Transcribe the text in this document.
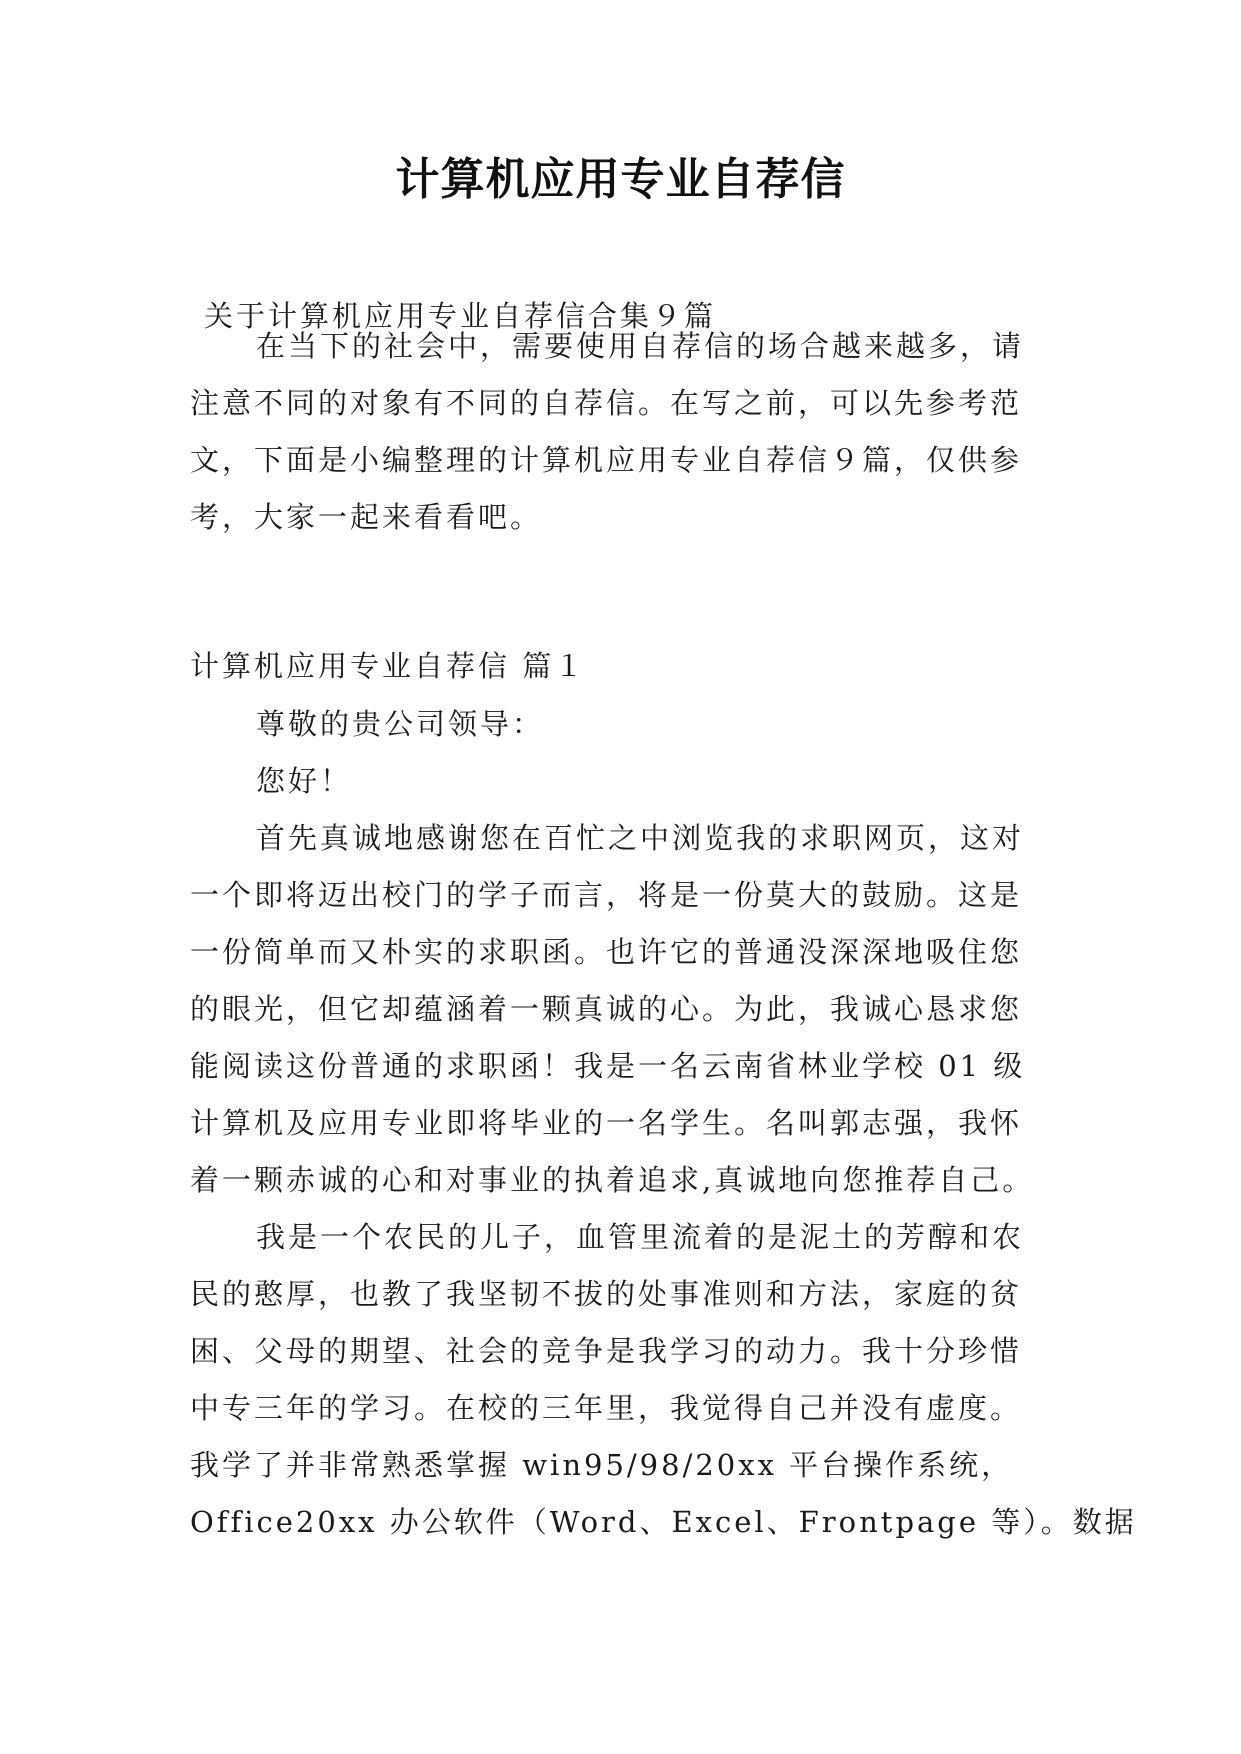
计算机应用专业自荐信
关于计算机应用专业自荐信合集９篇
在当下的社会中，需要使用自荐信的场合越来越多，请
注意不同的对象有不同的自荐信。在写之前，可以先参考范
文，下面是小编整理的计算机应用专业自荐信９篇，仅供参
考，大家一起来看看吧。
计算机应用专业自荐信 篇１
尊敬的贵公司领导：
您好！
首先真诚地感谢您在百忙之中浏览我的求职网页，这对
一个即将迈出校门的学子而言，将是一份莫大的鼓励。这是
一份简单而又朴实的求职函。也许它的普通没深深地吸住您
的眼光，但它却蕴涵着一颗真诚的心。为此，我诚心恳求您
能阅读这份普通的求职函！我是一名云南省林业学校 01 级
计算机及应用专业即将毕业的一名学生。名叫郭志强，我怀
着一颗赤诚的心和对事业的执着追求,真诚地向您推荐自己。
我是一个农民的儿子，血管里流着的是泥土的芳醇和农
民的憨厚，也教了我坚韧不拔的处事准则和方法，家庭的贫
困、父母的期望、社会的竞争是我学习的动力。我十分珍惜
中专三年的学习。在校的三年里，我觉得自己并没有虚度。
我学了并非常熟悉掌握 win95/98/20xx 平台操作系统，
Office20xx 办公软件（Word、Excel、Frontpage 等）。数据
